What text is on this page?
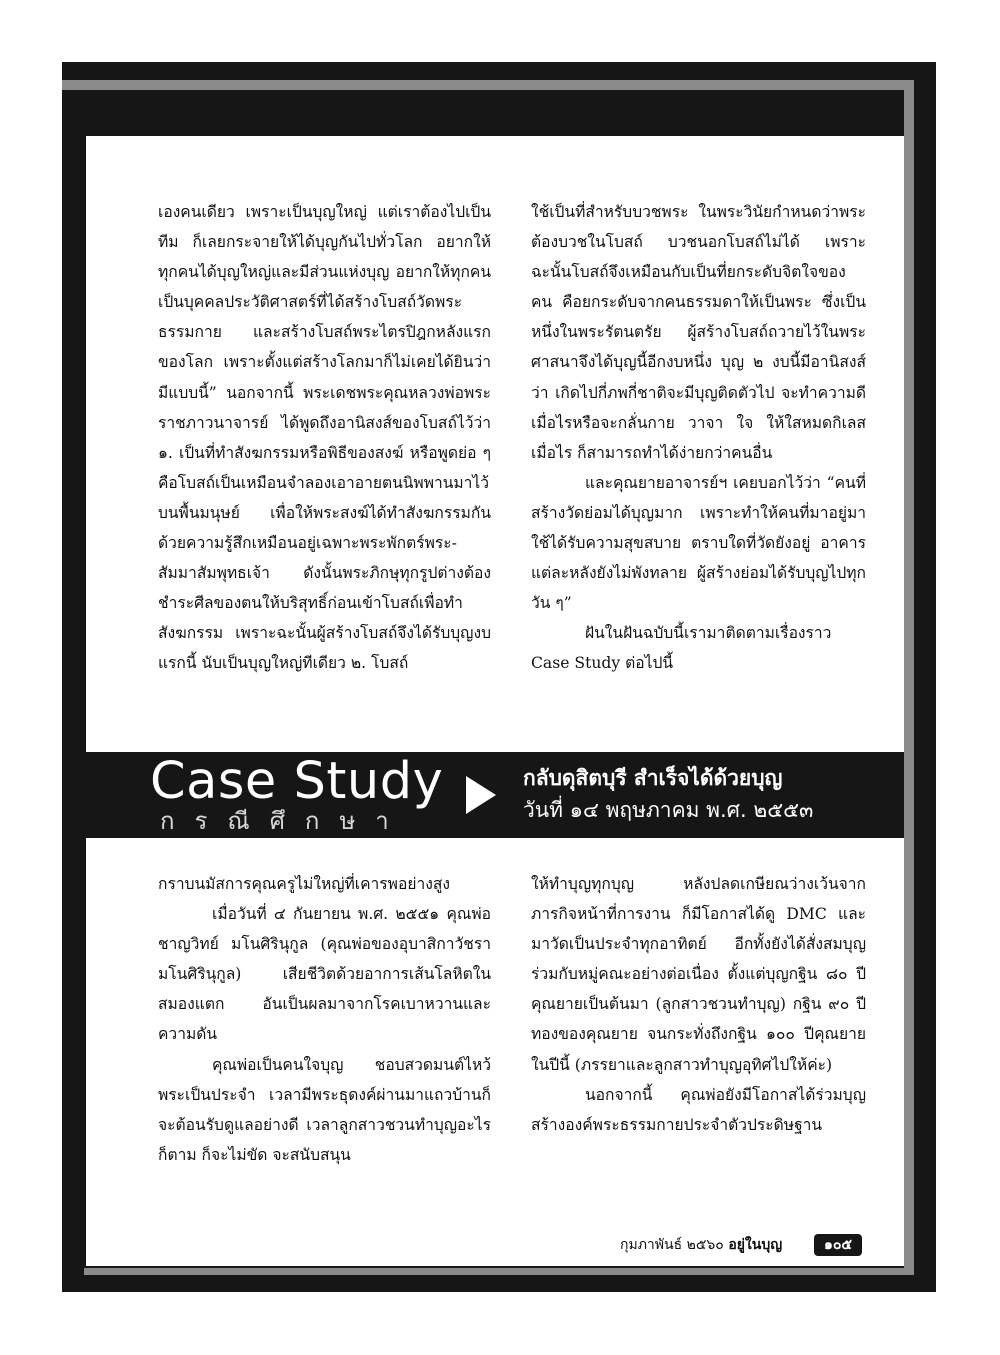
เองคนเดียว เพราะเป็นบุญใหญ่ แต่เราต้องไปเป็นทีม ก็เลยกระจายให้ได้บุญกันไปทั่วโลก อยากให้ทุกคนได้บุญใหญ่และมีส่วนแห่งบุญ อยากให้ทุกคนเป็นบุคคลประวัติศาสตร์ที่ได้สร้างโบสถ์วัดพระธรรมกาย และสร้างโบสถ์พระไตรปิฎกหลังแรกของโลก เพราะตั้งแต่สร้างโลกมาก็ไม่เคยได้ยินว่ามีแบบนี้” นอกจากนี้ พระเดชพระคุณหลวงพ่อพระราชภาวนาจารย์ ได้พูดถึงอานิสงส์ของโบสถ์ไว้ว่า ๑. เป็นที่ทำสังฆกรรมหรือพิธีของสงฆ์ หรือพูดย่อ ๆ คือโบสถ์เป็นเหมือนจำลองเอาอายตนนิพพานมาไว้บนพื้นมนุษย์ เพื่อให้พระสงฆ์ได้ทำสังฆกรรมกันด้วยความรู้สึกเหมือนอยู่เฉพาะพระพักตร์พระ-สัมมาสัมพุทธเจ้า ดังนั้นพระภิกษุทุกรูปต่างต้องชำระศีลของตนให้บริสุทธิ์ก่อนเข้าโบสถ์เพื่อทำสังฆกรรม เพราะฉะนั้นผู้สร้างโบสถ์จึงได้รับบุญงบแรกนี้ นับเป็นบุญใหญ่ทีเดียว ๒. โบสถ์

ใช้เป็นที่สำหรับบวชพระ ในพระวินัยกำหนดว่าพระต้องบวชในโบสถ์ บวชนอกโบสถ์ไม่ได้ เพราะฉะนั้นโบสถ์จึงเหมือนกับเป็นที่ยกระดับจิตใจของคน คือยกระดับจากคนธรรมดาให้เป็นพระ ซึ่งเป็นหนึ่งในพระรัตนตรัย ผู้สร้างโบสถ์ถวายไว้ในพระศาสนาจึงได้บุญนี้อีกงบหนึ่ง บุญ ๒ งบนี้มีอานิสงส์ว่า เกิดไปกี่ภพกี่ชาติจะมีบุญติดตัวไป จะทำความดีเมื่อไรหรือจะกลั่นกาย วาจา ใจ ให้ใสหมดกิเลสเมื่อไร ก็สามารถทำได้ง่ายกว่าคนอื่น

และคุณยายอาจารย์ฯ เคยบอกไว้ว่า “คนที่สร้างวัดย่อมได้บุญมาก เพราะทำให้คนที่มาอยู่มาใช้ได้รับความสุขสบาย ตราบใดที่วัดยังอยู่ อาคารแต่ละหลังยังไม่พังทลาย ผู้สร้างย่อมได้รับบุญไปทุกวัน ๆ”

ฝันในฝันฉบับนี้เรามาติดตามเรื่องราว Case Study ต่อไปนี้

Case Study
กรณีศึกษา
กลับดุสิตบุรี สำเร็จได้ด้วยบุญ
วันที่ ๑๔ พฤษภาคม พ.ศ. ๒๕๕๓

กราบนมัสการคุณครูไม่ใหญ่ที่เคารพอย่างสูง

เมื่อวันที่ ๔ กันยายน พ.ศ. ๒๕๕๑ คุณพ่อชาญวิทย์ มโนศิรินุกูล (คุณพ่อของอุบาสิกาวัชรา มโนศิรินุกูล) เสียชีวิตด้วยอาการเส้นโลหิตในสมองแตก อันเป็นผลมาจากโรคเบาหวานและความดัน

คุณพ่อเป็นคนใจบุญ ชอบสวดมนต์ไหว้พระเป็นประจำ เวลามีพระธุดงค์ผ่านมาแถวบ้านก็จะต้อนรับดูแลอย่างดี เวลาลูกสาวชวนทำบุญอะไรก็ตาม ก็จะไม่ขัด จะสนับสนุน

ให้ทำบุญทุกบุญ หลังปลดเกษียณว่างเว้นจากภารกิจหน้าที่การงาน ก็มีโอกาสได้ดู DMC และมาวัดเป็นประจำทุกอาทิตย์ อีกทั้งยังได้สั่งสมบุญร่วมกับหมู่คณะอย่างต่อเนื่อง ตั้งแต่บุญกฐิน ๘๐ ปีคุณยายเป็นต้นมา (ลูกสาวชวนทำบุญ) กฐิน ๙๐ ปีทองของคุณยาย จนกระทั่งถึงกฐิน ๑๐๐ ปีคุณยายในปีนี้ (ภรรยาและลูกสาวทำบุญอุทิศไปให้ค่ะ)

นอกจากนี้ คุณพ่อยังมีโอกาสได้ร่วมบุญสร้างองค์พระธรรมกายประจำตัวประดิษฐาน

กุมภาพันธ์ ๒๕๖๐ อยู่ในบุญ	๑๐๕
